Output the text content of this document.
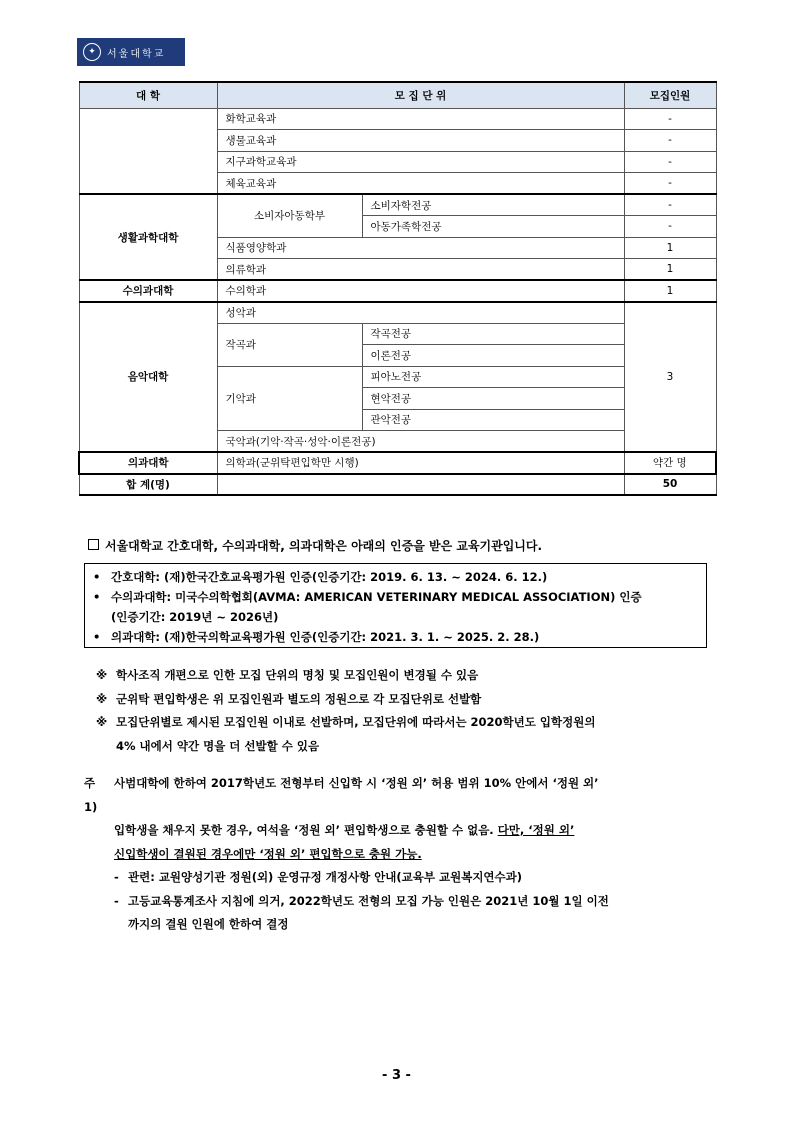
✦	서울대학교
대 학	모 집 단 위		모집인원
	화학교육과		-
	생물교육과		-
	지구과학교육과		-
	체육교육과		-
생활과학대학	소비자아동학부	소비자학전공	-
		아동가족학전공	-
	식품영양학과		1
	의류학과		1
수의과대학	수의학과		1
음악대학	성악과		3
	작곡과	작곡전공	
		이론전공	
	기악과	피아노전공	
		현악전공	
		관악전공	
	국악과(기악·작곡·성악·이론전공)		
의과대학	의학과(군위탁편입학만 시행)		약간 명
합 계(명)			50
서울대학교 간호대학, 수의과대학, 의과대학은 아래의 인증을 받은 교육기관입니다.
• 간호대학: (재)한국간호교육평가원 인증(인증기간: 2019. 6. 13. ~ 2024. 6. 12.)
• 수의과대학: 미국수의학협회(AVMA: AMERICAN VETERINARY MEDICAL ASSOCIATION) 인증
(인증기간: 2019년 ~ 2026년)
• 의과대학: (재)한국의학교육평가원 인증(인증기간: 2021. 3. 1. ~ 2025. 2. 28.)
※ 학사조직 개편으로 인한 모집 단위의 명칭 및 모집인원이 변경될 수 있음
※ 군위탁 편입학생은 위 모집인원과 별도의 정원으로 각 모집단위로 선발함
※ 모집단위별로 제시된 모집인원 이내로 선발하며, 모집단위에 따라서는 2020학년도 입학정원의
4% 내에서 약간 명을 더 선발할 수 있음
주1)
사범대학에 한하여 2017학년도 전형부터 신입학 시 ‘정원 외’ 허용 범위 10% 안에서 ‘정원 외’
입학생을 채우지 못한 경우, 여석을 ‘정원 외’ 편입학생으로 충원할 수 없음. 다만, ‘정원 외’
신입학생이 결원된 경우에만 ‘정원 외’ 편입학으로 충원 가능.
- 관련: 교원양성기관 정원(외) 운영규정 개정사항 안내(교육부 교원복지연수과)
- 고등교육통계조사 지침에 의거, 2022학년도 전형의 모집 가능 인원은 2021년 10월 1일 이전
까지의 결원 인원에 한하여 결정
- 3 -
